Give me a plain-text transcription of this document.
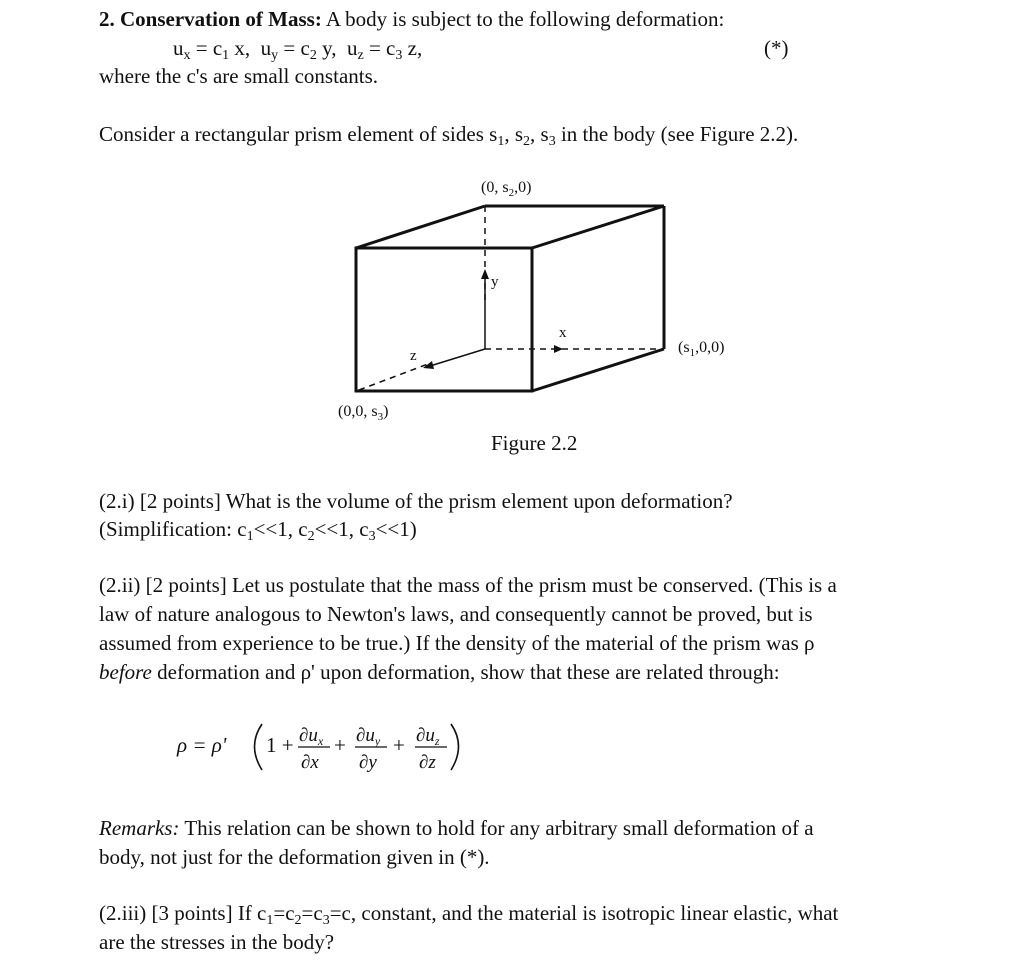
2. Conservation of Mass: A body is subject to the following deformation:
$u_x = c_1$ x, $u_y = c_2$ y, $u_z = c_3$ z,	(*)
where the c's are small constants.
Consider a rectangular prism element of sides $s_1$, $s_2$, $s_3$ in the body (see Figure 2.2).
y
x
z
(0, $s_2,0$)
$(s_1,0,0)$
(0,0, $s_3$)
Figure 2.2
(2.i) [2 points] What is the volume of the prism element upon deformation?
(Simplification: $c_1<<1$, $c_2<<1$, $c_3<<1$)
(2.ii) [2 points] Let us postulate that the mass of the prism must be conserved. (This is a
law of nature analogous to Newton's laws, and consequently cannot be proved, but is
assumed from experience to be true.) If the density of the material of the prism was ρ
before deformation and ρ' upon deformation, show that these are related through:
ρ = ρ' $1 + \partial u_x$
∂x
+ $\partial u_y$
∂y
+ $\partial u_z$
∂z
Remarks: This relation can be shown to hold for any arbitrary small deformation of a
body, not just for the deformation given in (*).
(2.iii) [3 points] If $c_1=c_2=c_3=c$, constant, and the material is isotropic linear elastic, what
are the stresses in the body?
